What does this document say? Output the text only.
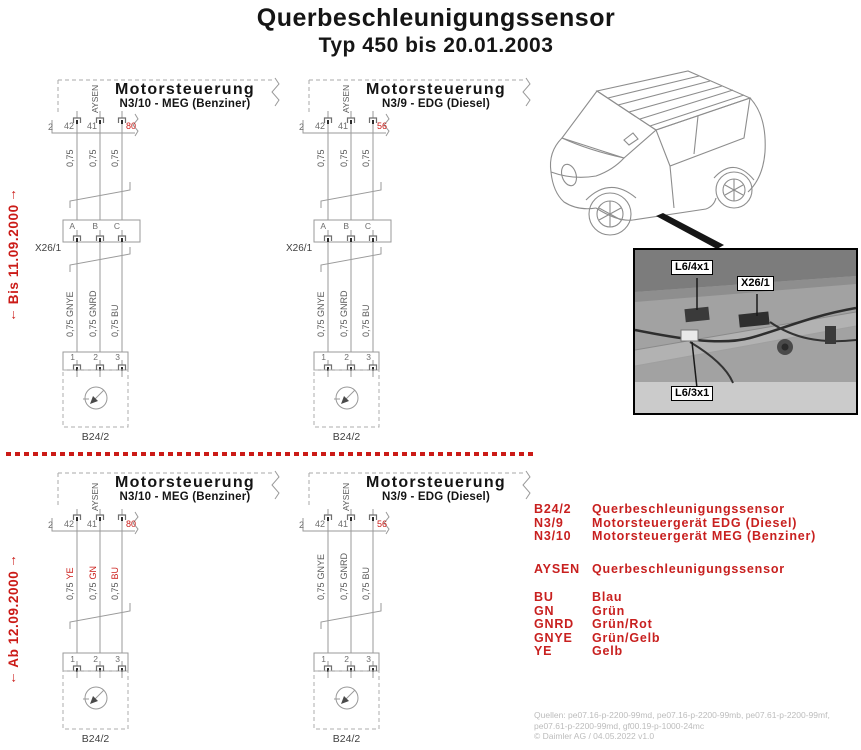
Querbeschleunigungssensor
Typ 450 bis 20.01.2003
↓ Bis 11.09.2000 ↑
↓ Ab 12.09.2000 ↑
Motorsteuerung
N3/10 - MEG (Benziner)
AYSEN
42	41	80
2
0,75 0,75 0,75
A	B	C
X26/1
0,75 GNYE 0,75 GNRD 0,75 BU
1	2	3
B24/2
Motorsteuerung
N3/9 - EDG (Diesel)
AYSEN
42	41	56
2
0,75 0,75 0,75
A	B	C
X26/1
0,75 GNYE 0,75 GNRD 0,75 BU
1	2	3
B24/2
Motorsteuerung
N3/10 - MEG (Benziner)
AYSEN
42	41	80
2
0,75YE
0,75GN
0,75BU
1	2	3
B24/2
Motorsteuerung
N3/9 - EDG (Diesel)
AYSEN
42	41	56
2
0,75GNYE
0,75GNRD
0,75BU
1	2	3
B24/2
L6/4x1
X26/1
L6/3x1
B24/2	Querbeschleunigungssensor
N3/9	Motorsteuergerät EDG (Diesel)
N3/10	Motorsteuergerät MEG (Benziner)
AYSEN Querbeschleunigungssensor
BU	Blau
GN	Grün
GNRD	Grün/Rot
GNYE	Grün/Gelb
YE	Gelb
Quellen: pe07.16-p-2200-99md, pe07.16-p-2200-99mb, pe07.61-p-2200-99mf,
pe07.61-p-2200-99md, gf00.19-p-1000-24mc
© Daimler AG / 04.05.2022 v1.0
